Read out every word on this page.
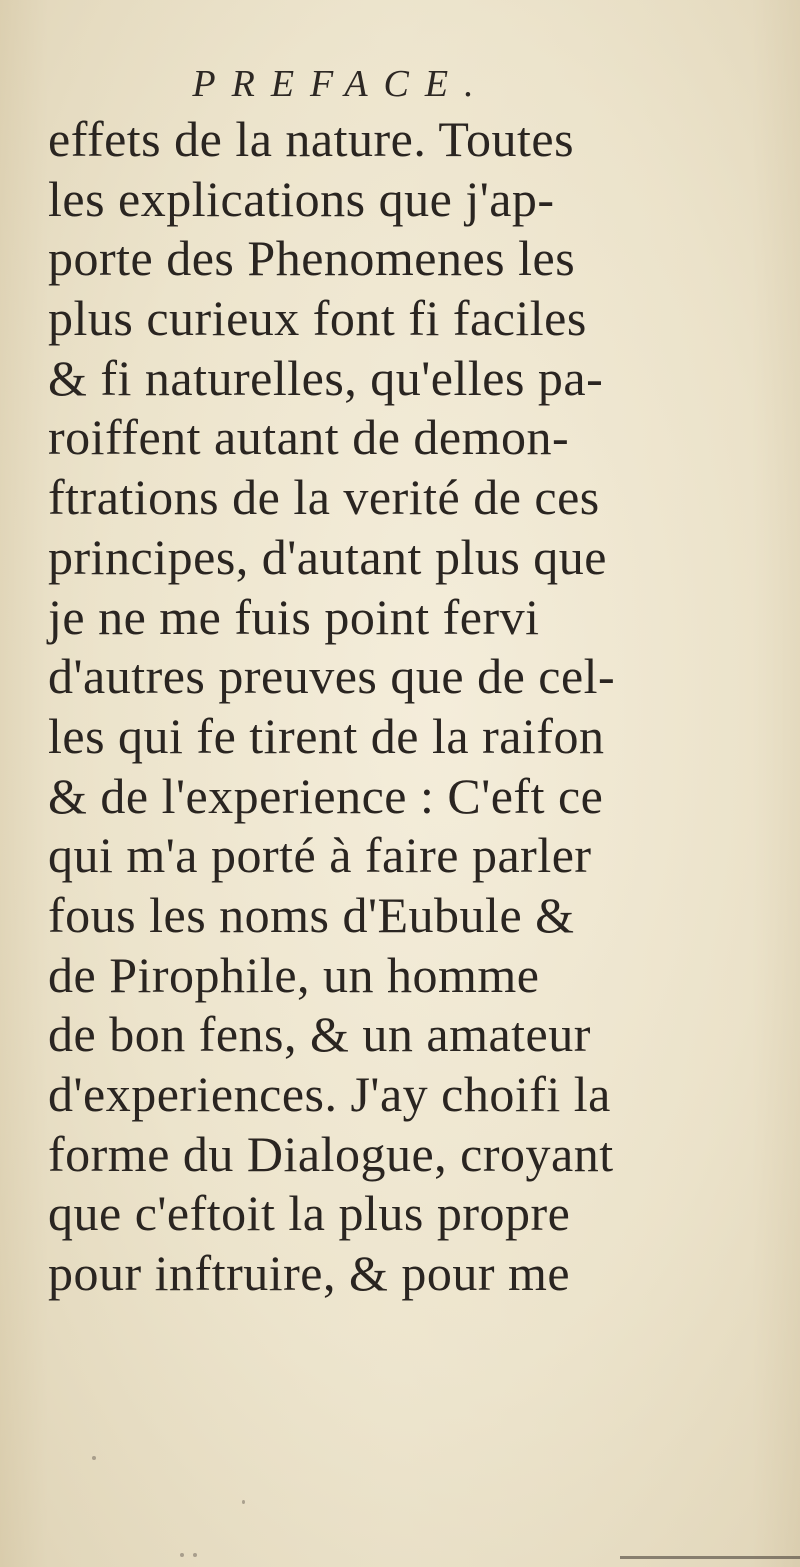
PREFACE.
effets de la nature. Toutes
les explications que j'ap-
porte des Phenomenes les
plus curieux font fi faciles
& fi naturelles, qu'elles pa-
roiffent autant de demon-
ftrations de la verité de ces
principes, d'autant plus que
je ne me fuis point fervi
d'autres preuves que de cel-
les qui fe tirent de la raifon
& de l'experience : C'eft ce
qui m'a porté à faire parler
fous les noms d'Eubule &
de Pirophile, un homme
de bon fens, & un amateur
d'experiences. J'ay choifi la
forme du Dialogue, croyant
que c'eftoit la plus propre
pour inftruire, & pour me
